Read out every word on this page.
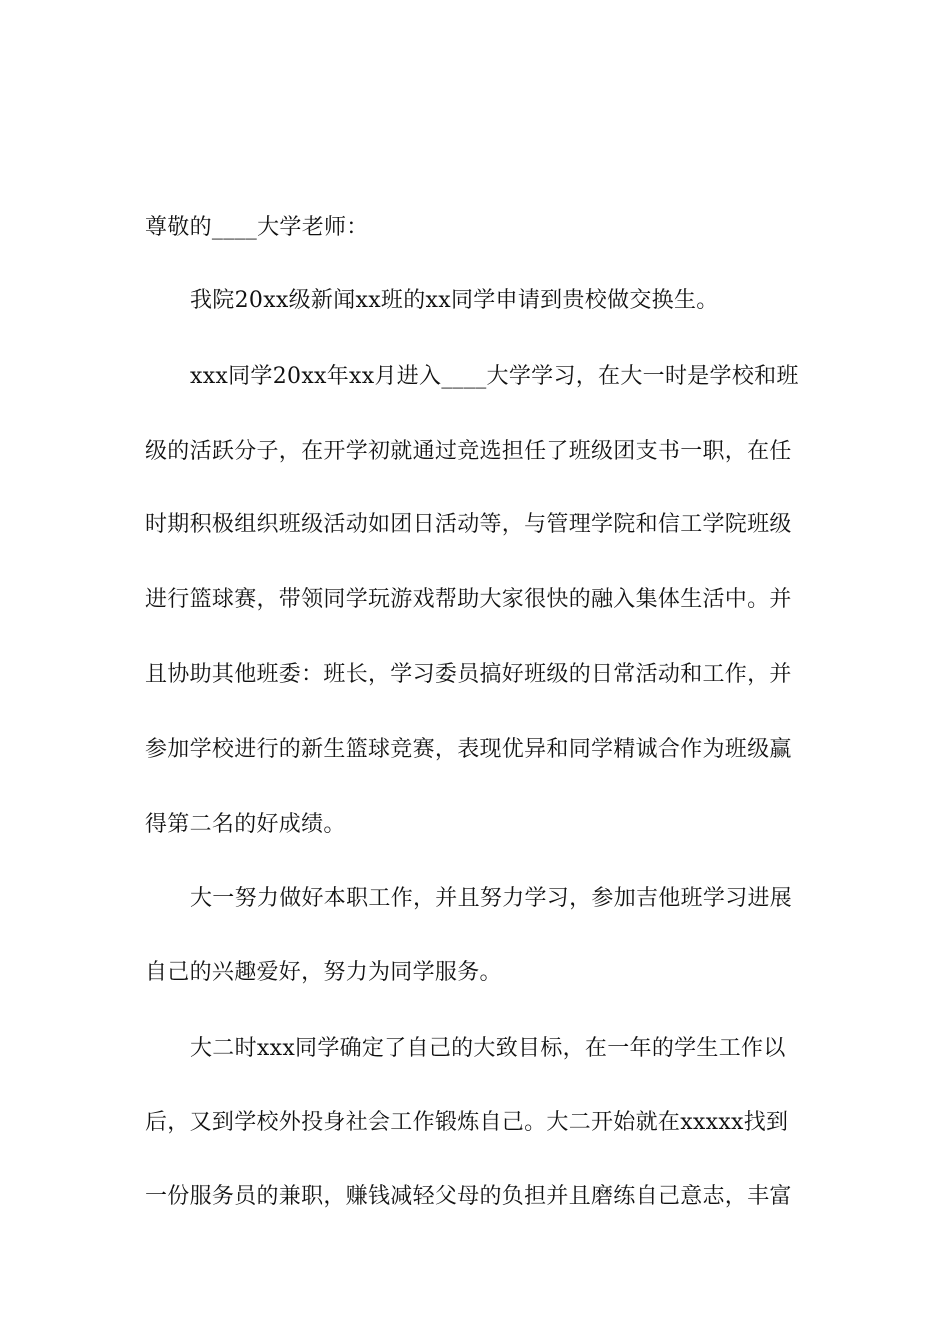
尊敬的____大学老师：
我院20xx级新闻xx班的xx同学申请到贵校做交换生。
xxx同学20xx年xx月进入____大学学习，在大一时是学校和班
级的活跃分子，在开学初就通过竞选担任了班级团支书一职，在任
时期积极组织班级活动如团日活动等，与管理学院和信工学院班级
进行篮球赛，带领同学玩游戏帮助大家很快的融入集体生活中。并
且协助其他班委：班长，学习委员搞好班级的日常活动和工作，并
参加学校进行的新生篮球竞赛，表现优异和同学精诚合作为班级赢
得第二名的好成绩。
大一努力做好本职工作，并且努力学习，参加吉他班学习进展
自己的兴趣爱好，努力为同学服务。
大二时xxx同学确定了自己的大致目标，在一年的学生工作以
后，又到学校外投身社会工作锻炼自己。大二开始就在xxxxx找到
一份服务员的兼职，赚钱减轻父母的负担并且磨练自己意志，丰富
